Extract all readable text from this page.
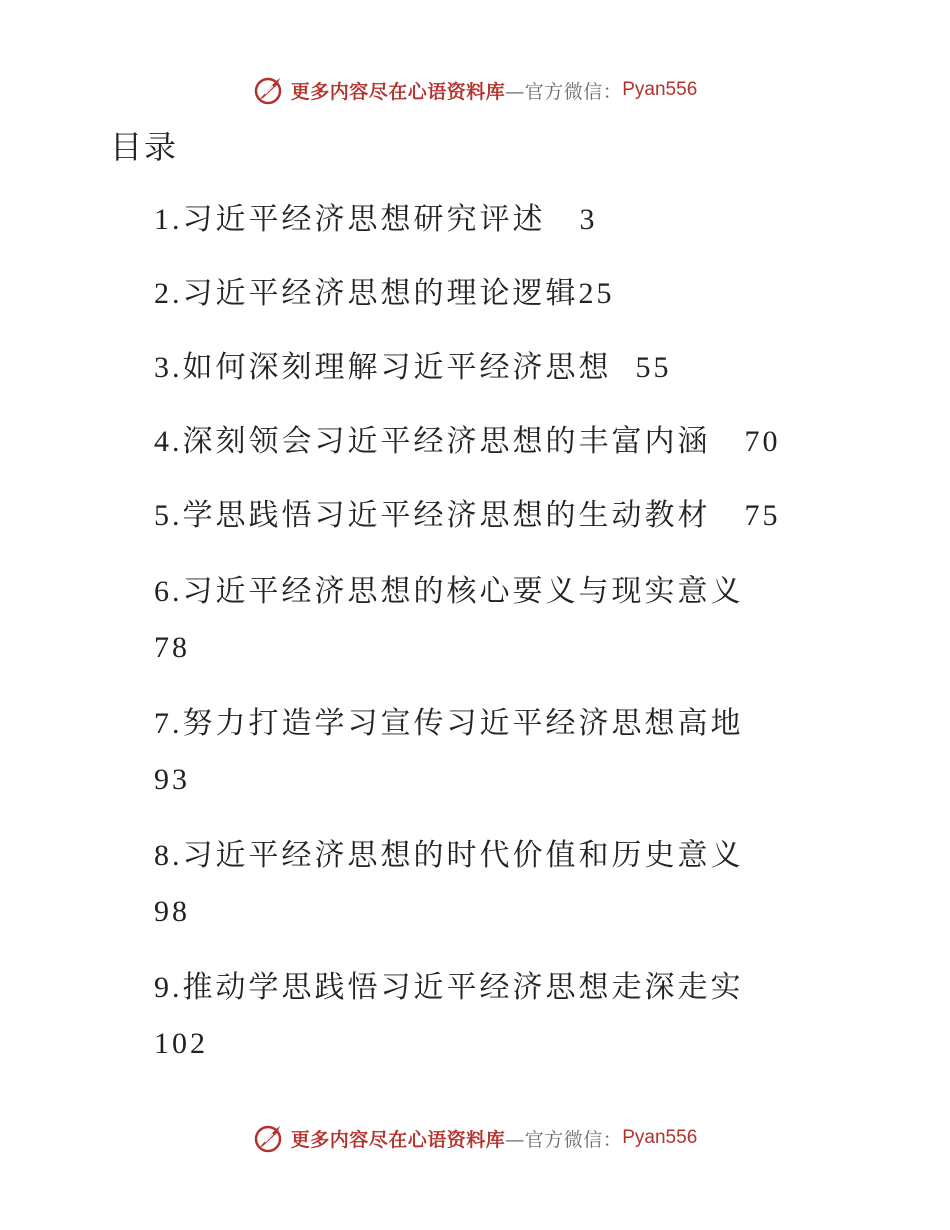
更多内容尽在心语资料库 —官方微信： Pyan556
目录
1.习近平经济思想研究评述 3
2.习近平经济思想的理论逻辑25
3.如何深刻理解习近平经济思想 55
4.深刻领会习近平经济思想的丰富内涵 70
5.学思践悟习近平经济思想的生动教材 75
6.习近平经济思想的核心要义与现实意义
78
7.努力打造学习宣传习近平经济思想高地
93
8.习近平经济思想的时代价值和历史意义
98
9.推动学思践悟习近平经济思想走深走实
102
更多内容尽在心语资料库 —官方微信： Pyan556
